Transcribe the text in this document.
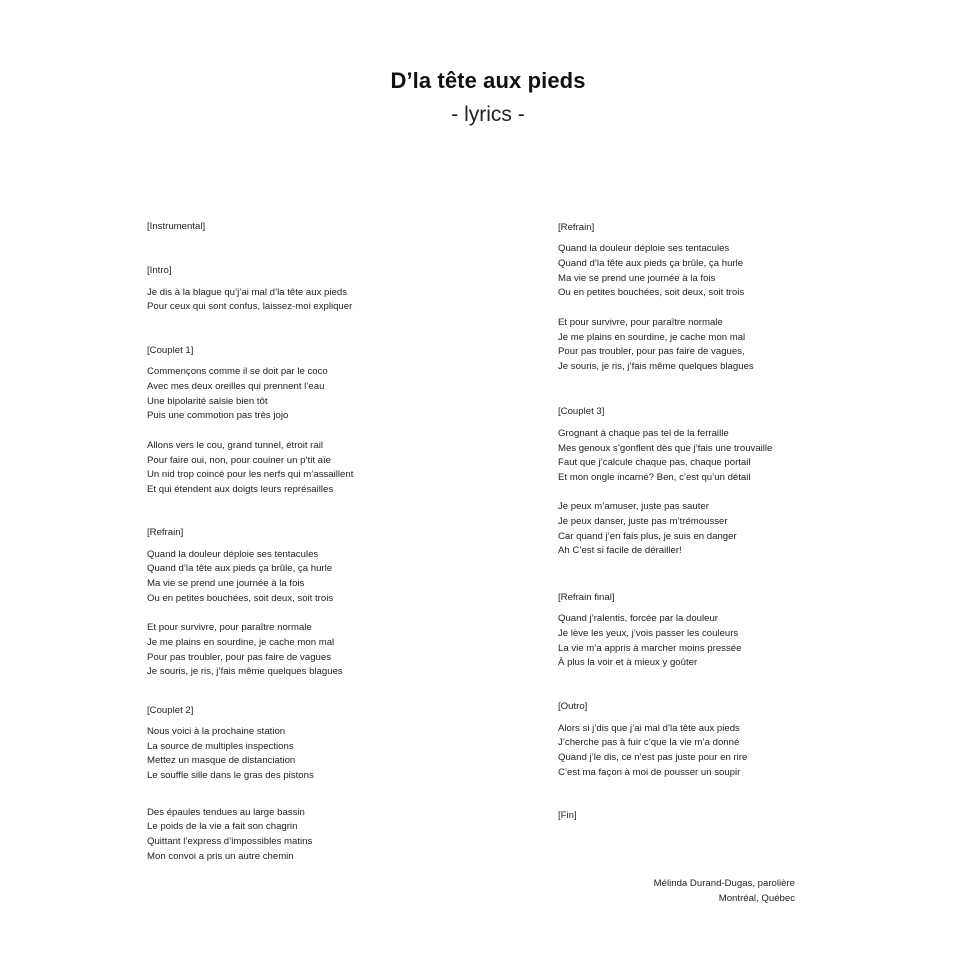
D’la tête aux pieds
- lyrics -
[Instrumental]
[Intro]
Je dis à la blague qu’j’ai mal d’la tête aux pieds
Pour ceux qui sont confus, laissez-moi expliquer
[Couplet 1]
Commençons comme il se doit par le coco
Avec mes deux oreilles qui prennent l’eau
Une bipolarité saisie bien tôt
Puis une commotion pas très jojo
Allons vers le cou, grand tunnel, étroit rail
Pour faire oui, non, pour couiner un p’tit aïe
Un nid trop coincé pour les nerfs qui m’assaillent
Et qui étendent aux doigts leurs représailles
[Refrain]
Quand la douleur déploie ses tentacules
Quand d’la tête aux pieds ça brûle, ça hurle
Ma vie se prend une journée à la fois
Ou en petites bouchées, soit deux, soit trois
Et pour survivre, pour paraître normale
Je me plains en sourdine, je cache mon mal
Pour pas troubler, pour pas faire de vagues
Je souris, je ris, j’fais même quelques blagues
[Couplet 2]
Nous voici à la prochaine station
La source de multiples inspections
Mettez un masque de distanciation
Le souffle sille dans le gras des pistons
Des épaules tendues au large bassin
Le poids de la vie a fait son chagrin
Quittant l’express d’impossibles matins
Mon convoi a pris un autre chemin
[Refrain]
Quand la douleur déploie ses tentacules
Quand d’la tête aux pieds ça brûle, ça hurle
Ma vie se prend une journée à la fois
Ou en petites bouchées, soit deux, soit trois
Et pour survivre, pour paraître normale
Je me plains en sourdine, je cache mon mal
Pour pas troubler, pour pas faire de vagues,
Je souris, je ris, j’fais même quelques blagues
[Couplet 3]
Grognant à chaque pas tel de la ferraille
Mes genoux s’gonflent dès que j’fais une trouvaille
Faut que j’calcule chaque pas, chaque portail
Et mon ongle incarné? Ben, c’est qu’un détail
Je peux m’amuser, juste pas sauter
Je peux danser, juste pas m’trémousser
Car quand j’en fais plus, je suis en danger
Ah C’est si facile de dérailler!
[Refrain final]
Quand j’ralentis, forcée par la douleur
Je lève les yeux, j’vois passer les couleurs
La vie m’a appris à marcher moins pressée
À plus la voir et à mieux y goûter
[Outro]
Alors si j’dis que j’ai mal d’la tête aux pieds
J’cherche pas à fuir c’que la vie m’a donné
Quand j’le dis, ce n’est pas juste pour en rire
C’est ma façon à moi de pousser un soupir
[Fin]
Mélinda Durand-Dugas, parolière
Montréal, Québec
